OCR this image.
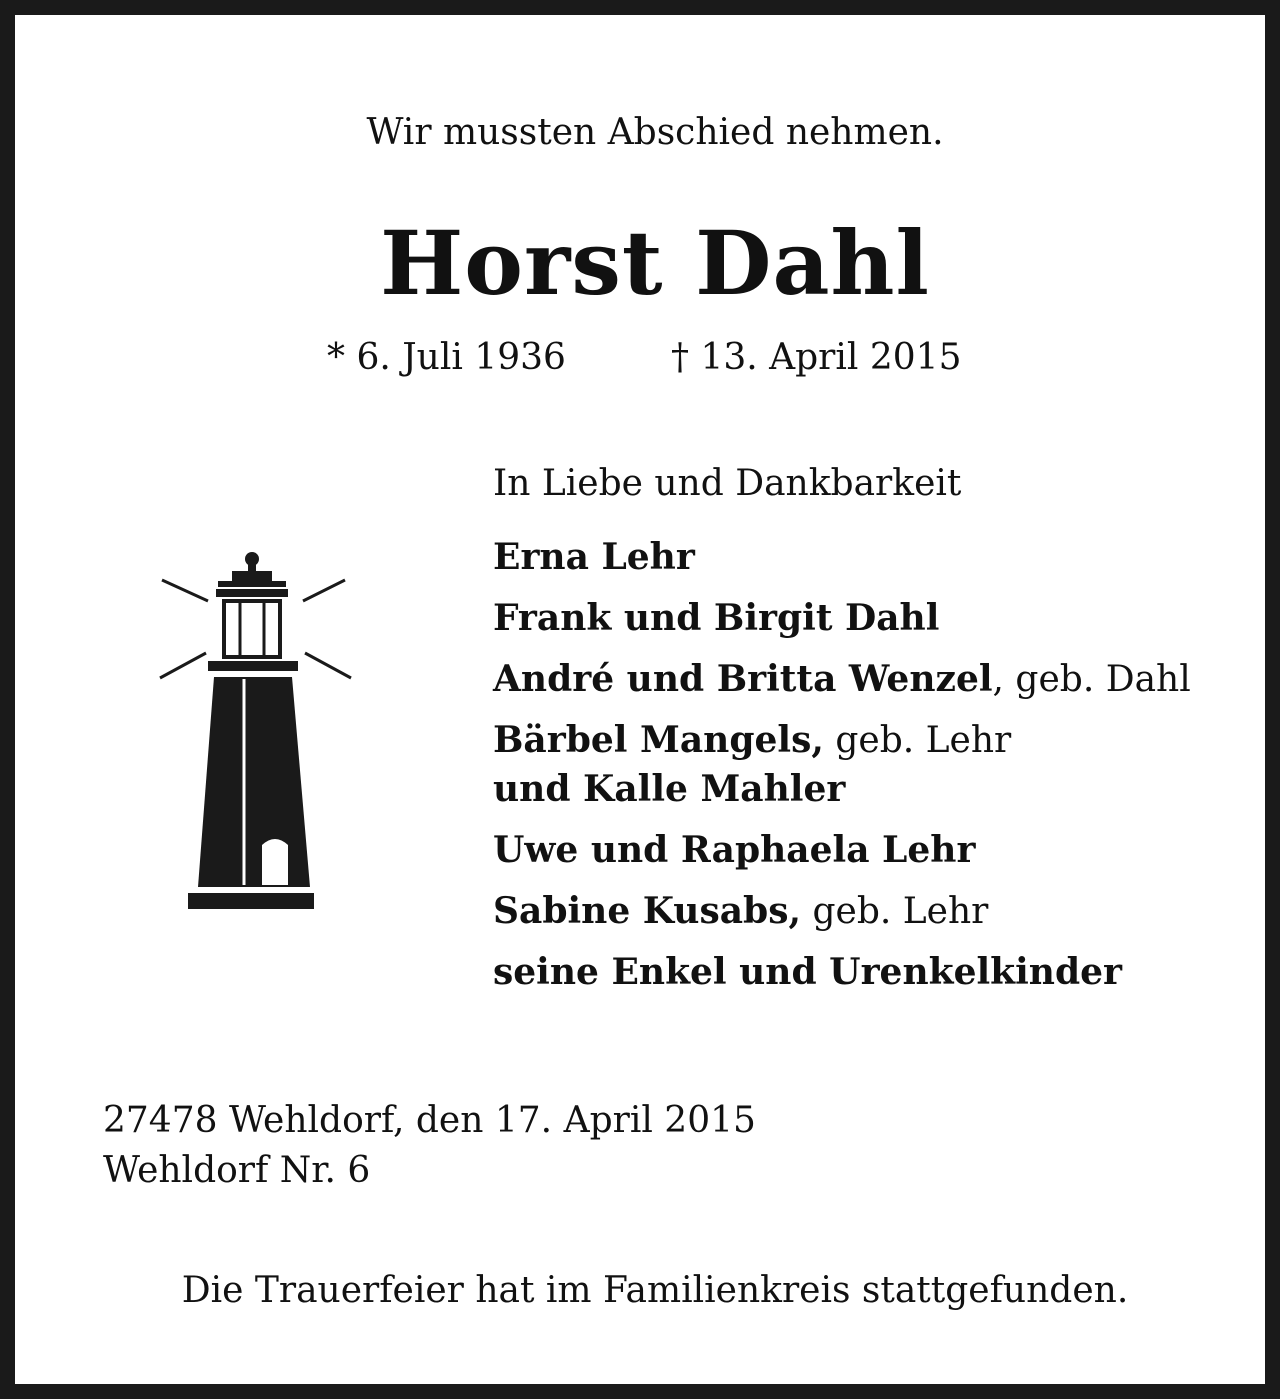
Wir mussten Abschied nehmen.
Horst Dahl
* 6. Juli 1936	† 13. April 2015
In Liebe und Dankbarkeit
Erna Lehr
Frank und Birgit Dahl
André und Britta Wenzel, geb. Dahl
Bärbel Mangels, geb. Lehr
und Kalle Mahler
Uwe und Raphaela Lehr
Sabine Kusabs, geb. Lehr
seine Enkel und Urenkelkinder
27478 Wehldorf, den 17. April 2015
Wehldorf Nr. 6
Die Trauerfeier hat im Familienkreis stattgefunden.
